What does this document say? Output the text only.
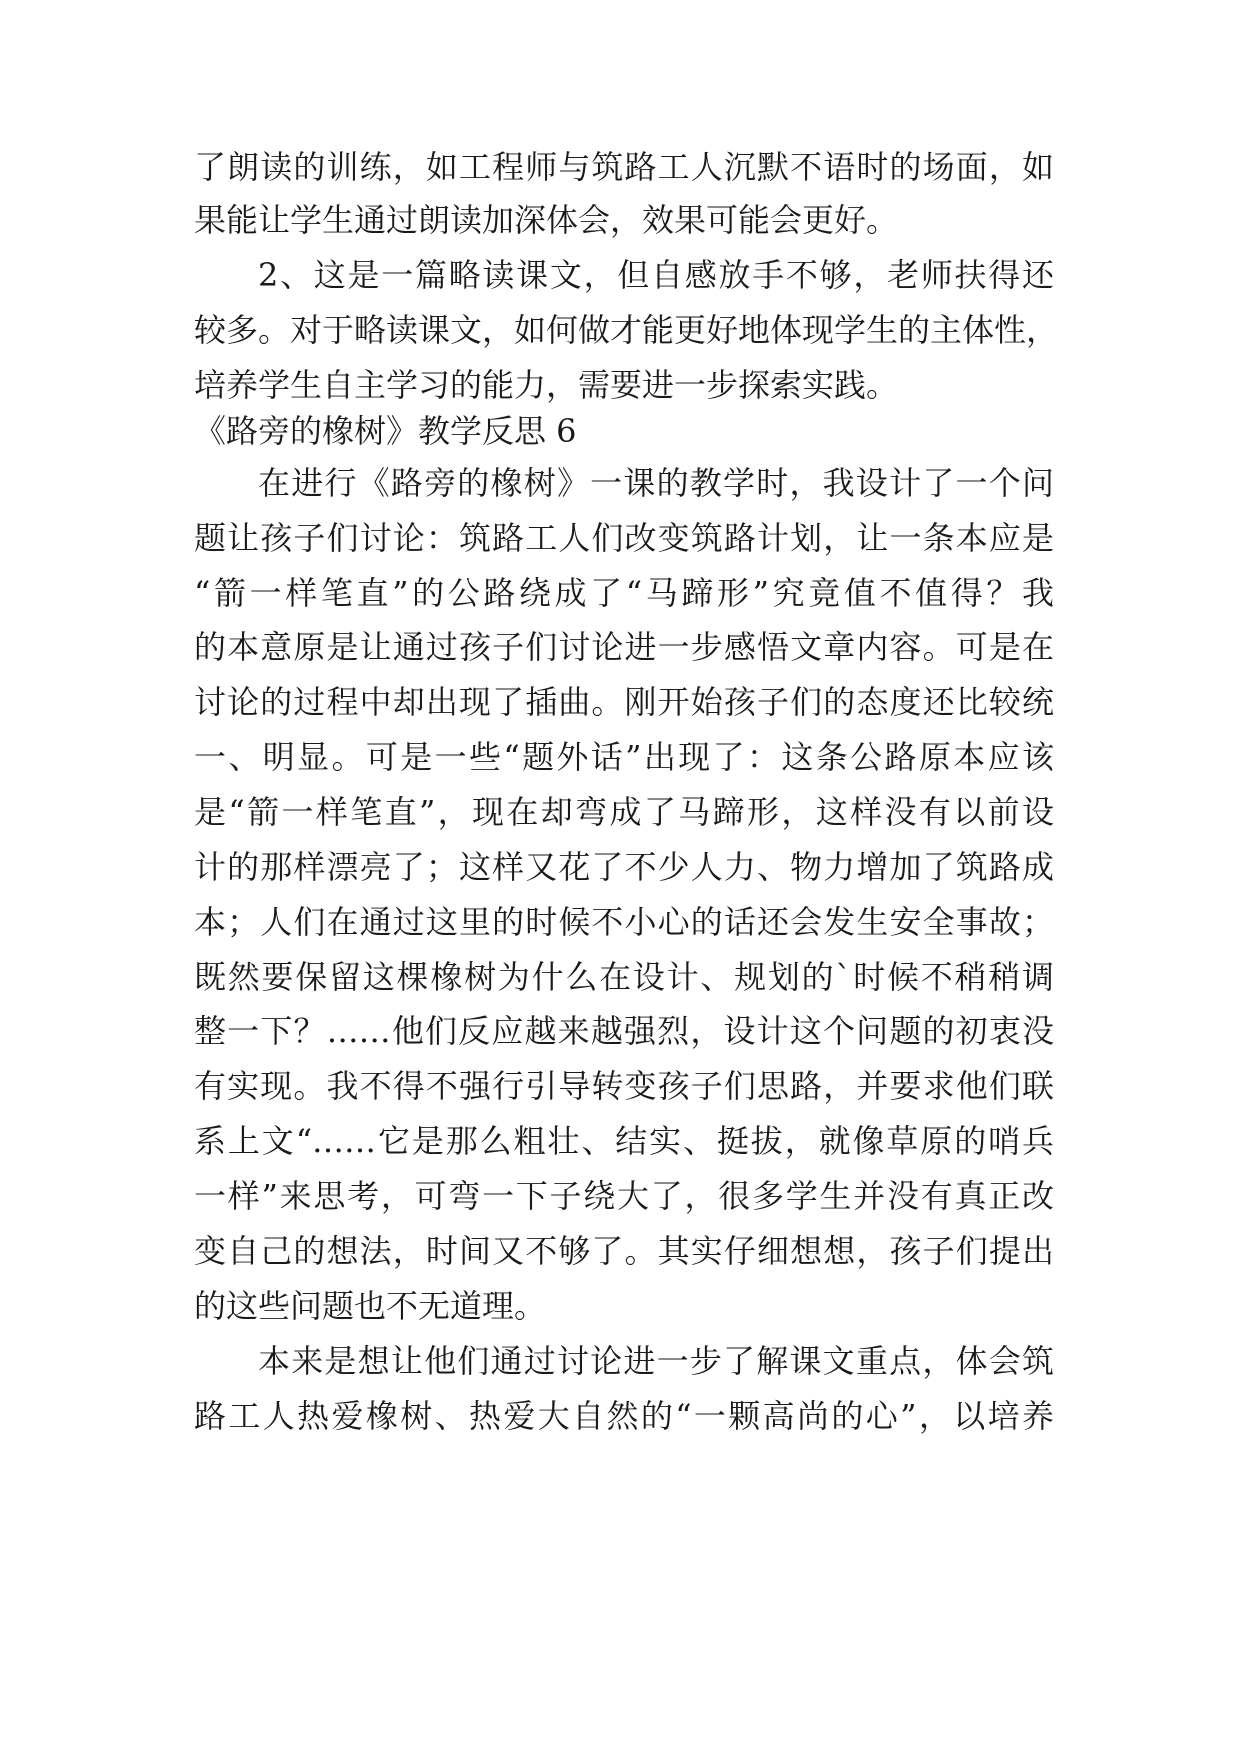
了朗读的训练，如工程师与筑路工人沉默不语时的场面，如
果能让学生通过朗读加深体会，效果可能会更好。
2、这是一篇略读课文，但自感放手不够，老师扶得还
较多。对于略读课文，如何做才能更好地体现学生的主体性，
培养学生自主学习的能力，需要进一步探索实践。
《路旁的橡树》教学反思 6
在进行《路旁的橡树》一课的教学时，我设计了一个问
题让孩子们讨论：筑路工人们改变筑路计划，让一条本应是
“箭一样笔直”的公路绕成了“马蹄形”究竟值不值得？我
的本意原是让通过孩子们讨论进一步感悟文章内容。可是在
讨论的过程中却出现了插曲。刚开始孩子们的态度还比较统
一、明显。可是一些“题外话”出现了：这条公路原本应该
是“箭一样笔直”，现在却弯成了马蹄形，这样没有以前设
计的那样漂亮了；这样又花了不少人力、物力增加了筑路成
本；人们在通过这里的时候不小心的话还会发生安全事故；
既然要保留这棵橡树为什么在设计、规划的`时候不稍稍调
整一下？……他们反应越来越强烈，设计这个问题的初衷没
有实现。我不得不强行引导转变孩子们思路，并要求他们联
系上文“……它是那么粗壮、结实、挺拔，就像草原的哨兵
一样”来思考，可弯一下子绕大了，很多学生并没有真正改
变自己的想法，时间又不够了。其实仔细想想，孩子们提出
的这些问题也不无道理。
本来是想让他们通过讨论进一步了解课文重点，体会筑
路工人热爱橡树、热爱大自然的“一颗高尚的心”，以培养
